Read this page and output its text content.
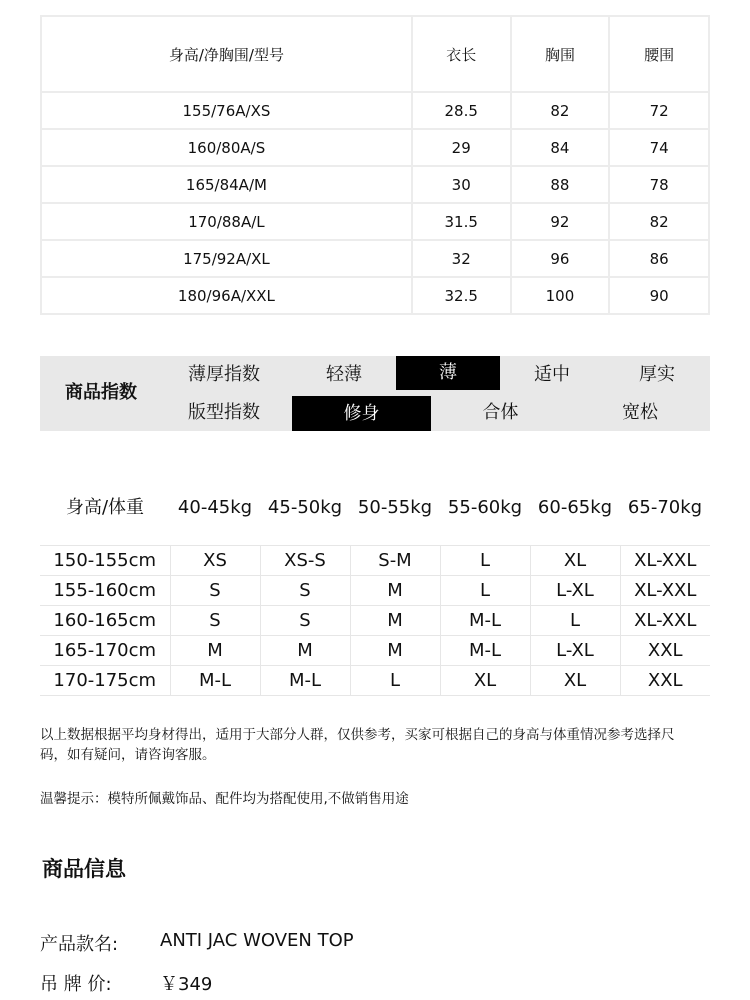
身高/净胸围/型号	衣长	胸围	腰围
155/76A/XS	28.5	82	72
160/80A/S	29	84	74
165/84A/M	30	88	78
170/88A/L	31.5	92	82
175/92A/XL	32	96	86
180/96A/XXL	32.5	100	90
商品指数
薄厚指数	轻薄	薄	适中	厚实
版型指数	修身	合体	宽松
身高/体重	40-45kg 45-50kg 50-55kg 55-60kg 60-65kg 65-70kg
150-155cm	XS	XS-S	S-M	L	XL	XL-XXL
155-160cm	S	S	M	L	L-XL	XL-XXL
160-165cm	S	S	M	M-L	L	XL-XXL
165-170cm	M	M	M	M-L	L-XL	XXL
170-175cm	M-L	M-L	L	XL	XL	XXL
以上数据根据平均身材得出，适用于大部分人群，仅供参考，买家可根据自己的身高与体重情况参考选择尺码，如有疑问，请咨询客服。
温馨提示：模特所佩戴饰品、配件均为搭配使用,不做销售用途
商品信息
产品款名: ANTI JAC WOVEN TOP
吊 牌 价:	￥349
